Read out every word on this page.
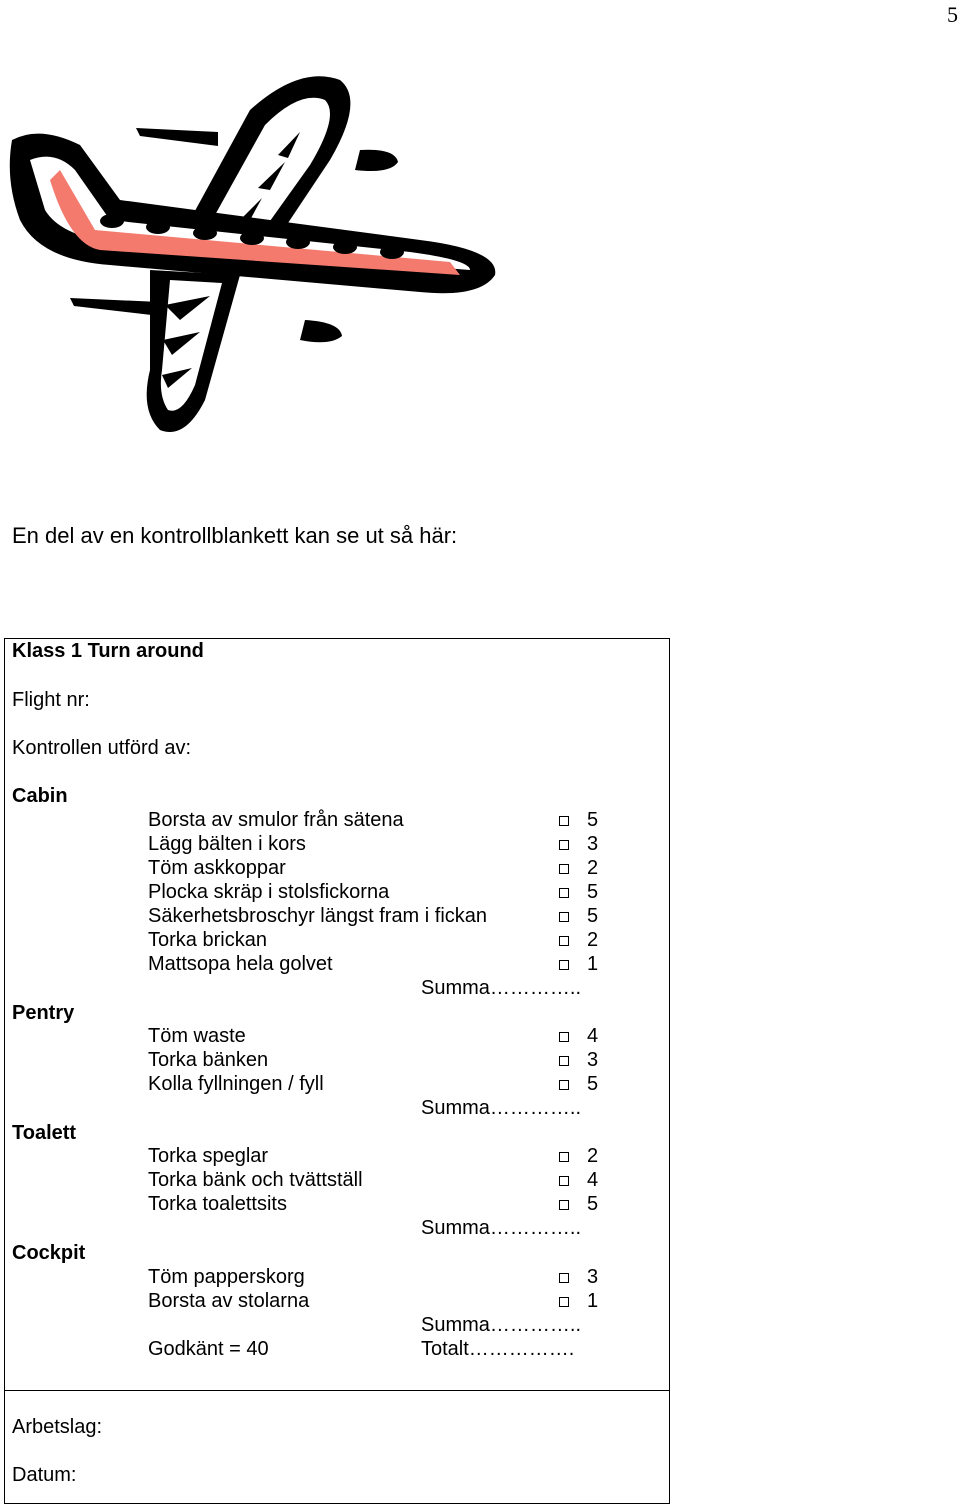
5
En del av en kontrollblankett kan se ut så här:
Klass 1 Turn around
Flight nr:
Kontrollen utförd av:
Cabin
Borsta av smulor från sätena	5
Lägg bälten i kors	3
Töm askkoppar	2
Plocka skräp i stolsfickorna	5
Säkerhetsbroschyr längst fram i fickan	5
Torka brickan	2
Mattsopa hela golvet	1
Summa…………..
Pentry
Töm waste	4
Torka bänken	3
Kolla fyllningen / fyll	5
Summa…………..
Toalett
Torka speglar	2
Torka bänk och tvättställ	4
Torka toalettsits	5
Summa…………..
Cockpit
Töm papperskorg	3
Borsta av stolarna	1
Summa…………..
Godkänt = 40	Totalt…………….
Arbetslag:
Datum:
